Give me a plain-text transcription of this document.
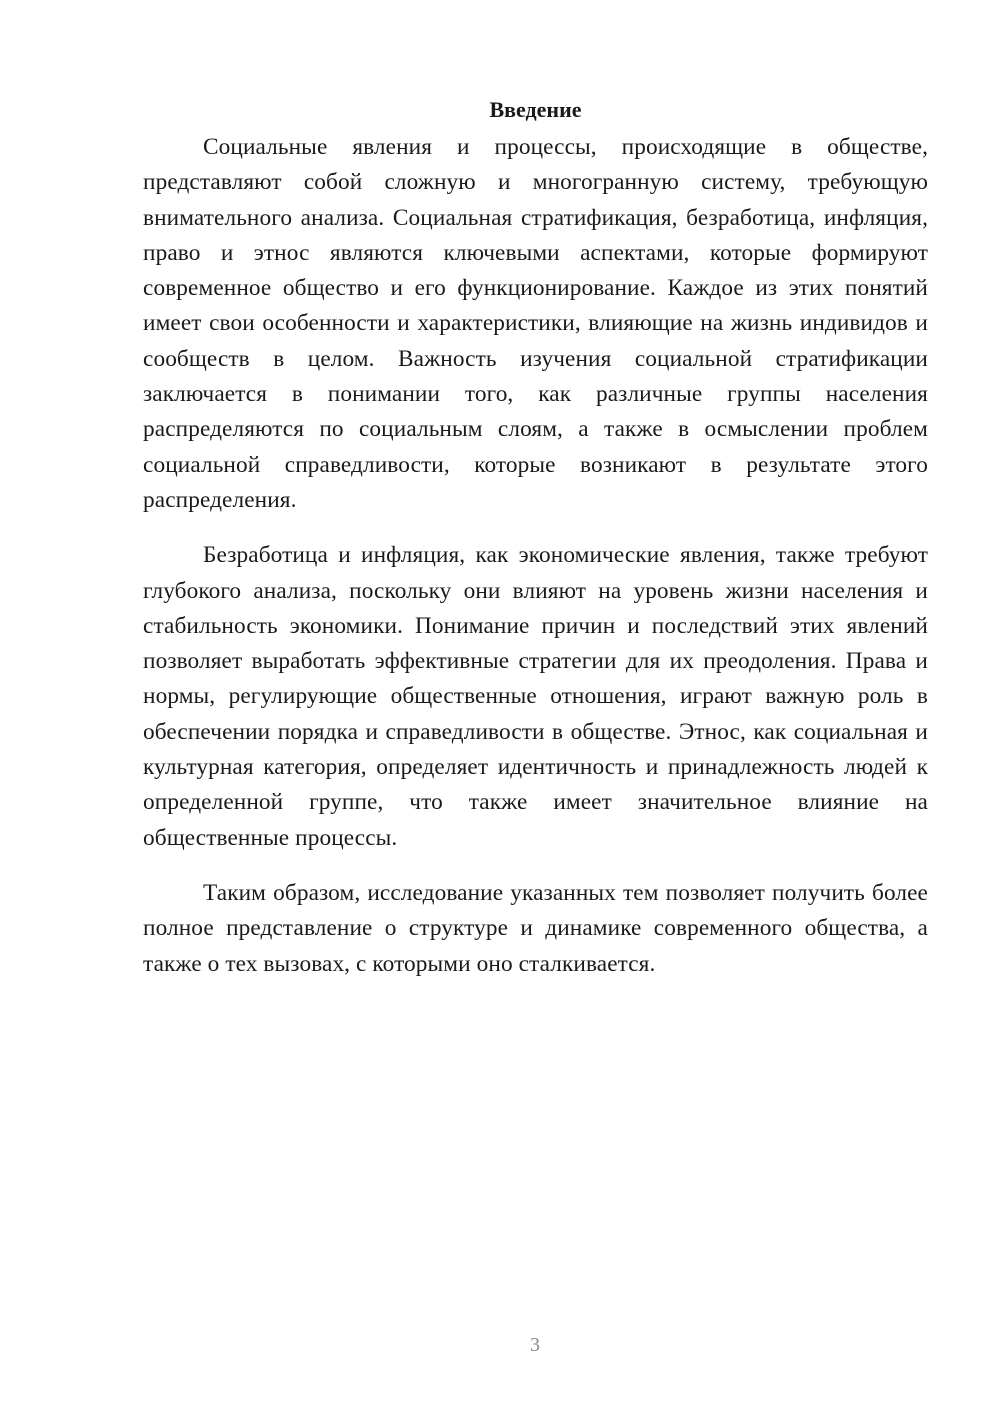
Введение

Социальные явления и процессы, происходящие в обществе, представляют собой сложную и многогранную систему, требующую внимательного анализа. Социальная стратификация, безработица, инфляция, право и этнос являются ключевыми аспектами, которые формируют современное общество и его функционирование. Каждое из этих понятий имеет свои особенности и характеристики, влияющие на жизнь индивидов и сообществ в целом. Важность изучения социальной стратификации заключается в понимании того, как различные группы населения распределяются по социальным слоям, а также в осмыслении проблем социальной справедливости, которые возникают в результате этого распределения.

Безработица и инфляция, как экономические явления, также требуют глубокого анализа, поскольку они влияют на уровень жизни населения и стабильность экономики. Понимание причин и последствий этих явлений позволяет выработать эффективные стратегии для их преодоления. Права и нормы, регулирующие общественные отношения, играют важную роль в обеспечении порядка и справедливости в обществе. Этнос, как социальная и культурная категория, определяет идентичность и принадлежность людей к определенной группе, что также имеет значительное влияние на общественные процессы.

Таким образом, исследование указанных тем позволяет получить более полное представление о структуре и динамике современного общества, а также о тех вызовах, с которыми оно сталкивается.

3
